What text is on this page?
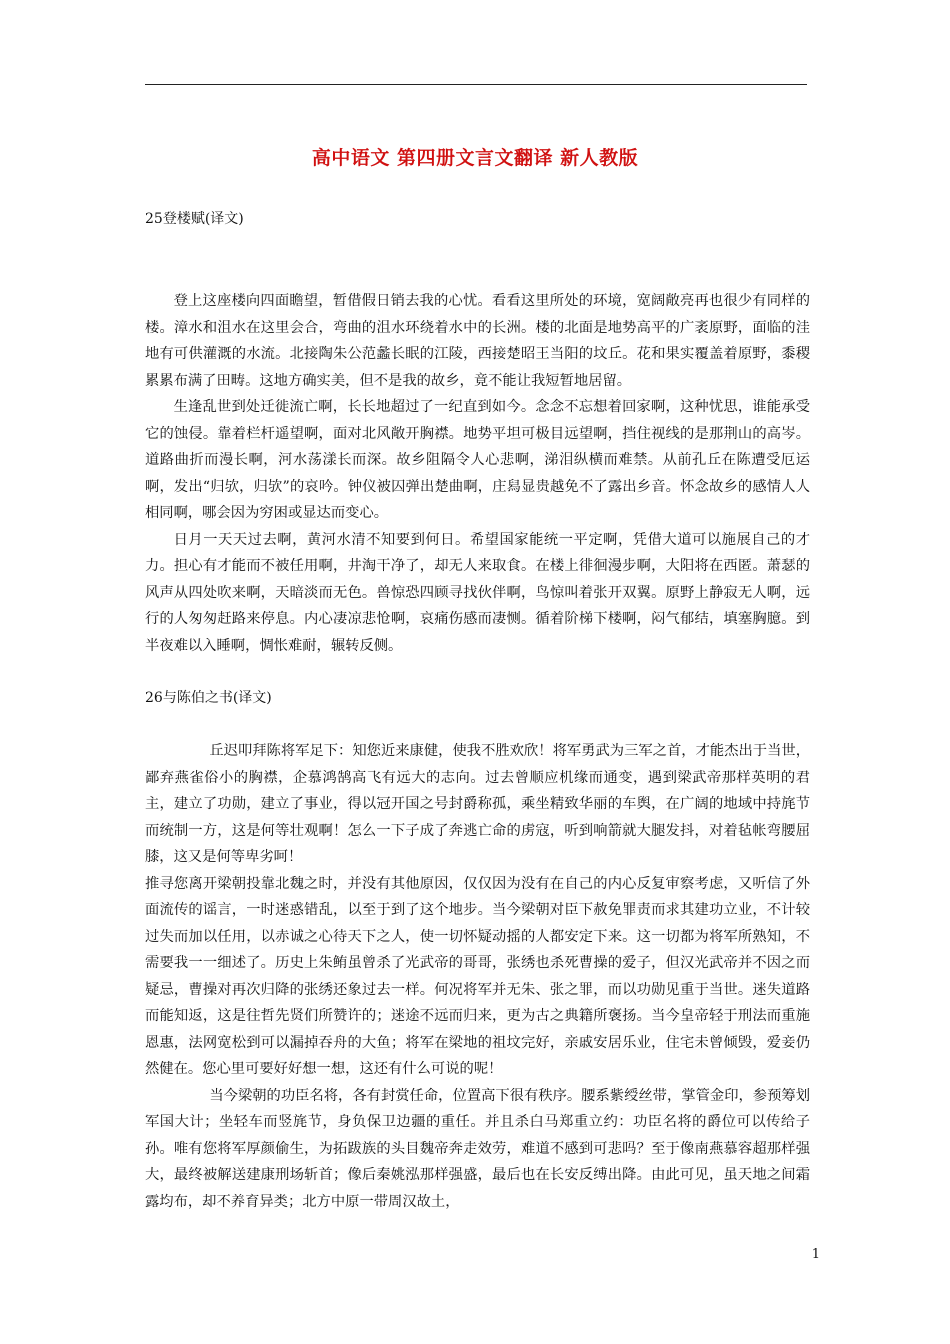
高中语文 第四册文言文翻译 新人教版
25登楼赋(译文)

登上这座楼向四面瞻望，暂借假日销去我的心忧。看看这里所处的环境，宽阔敞亮再也很少有同样的楼。漳水和沮水在这里会合，弯曲的沮水环绕着水中的长洲。楼的北面是地势高平的广袤原野，面临的洼地有可供灌溉的水流。北接陶朱公范蠡长眠的江陵，西接楚昭王当阳的坟丘。花和果实覆盖着原野，黍稷累累布满了田畴。这地方确实美，但不是我的故乡，竟不能让我短暂地居留。

生逢乱世到处迁徙流亡啊，长长地超过了一纪直到如今。念念不忘想着回家啊，这种忧思，谁能承受它的蚀侵。靠着栏杆遥望啊，面对北风敞开胸襟。地势平坦可极目远望啊，挡住视线的是那荆山的高岑。道路曲折而漫长啊，河水荡漾长而深。故乡阻隔令人心悲啊，涕泪纵横而难禁。从前孔丘在陈遭受厄运啊，发出“归欤，归欤”的哀吟。钟仪被囚弹出楚曲啊，庄舄显贵越免不了露出乡音。怀念故乡的感情人人相同啊，哪会因为穷困或显达而变心。

日月一天天过去啊，黄河水清不知要到何日。希望国家能统一平定啊，凭借大道可以施展自己的才力。担心有才能而不被任用啊，井淘干净了，却无人来取食。在楼上徘徊漫步啊，大阳将在西匿。萧瑟的风声从四处吹来啊，天暗淡而无色。兽惊恐四顾寻找伙伴啊，鸟惊叫着张开双翼。原野上静寂无人啊，远行的人匆匆赶路来停息。内心凄凉悲怆啊，哀痛伤感而凄恻。循着阶梯下楼啊，闷气郁结，填塞胸臆。到半夜难以入睡啊，惆怅难耐，辗转反侧。

26与陈伯之书(译文)

丘迟叩拜陈将军足下：知您近来康健，使我不胜欢欣！将军勇武为三军之首，才能杰出于当世，鄙弃燕雀俗小的胸襟，企慕鸿鹄高飞有远大的志向。过去曾顺应机缘而通变，遇到梁武帝那样英明的君主，建立了功勋，建立了事业，得以冠开国之号封爵称孤，乘坐精致华丽的车舆，在广阔的地域中持旄节而统制一方，这是何等壮观啊！怎么一下子成了奔逃亡命的虏寇，听到响箭就大腿发抖，对着毡帐弯腰屈膝，这又是何等卑劣呵！

推寻您离开梁朝投靠北魏之时，并没有其他原因，仅仅因为没有在自己的内心反复审察考虑，又听信了外面流传的谣言，一时迷惑错乱，以至于到了这个地步。当今梁朝对臣下赦免罪责而求其建功立业，不计较过失而加以任用，以赤诚之心待天下之人，使一切怀疑动摇的人都安定下来。这一切都为将军所熟知，不需要我一一细述了。历史上朱鲔虽曾杀了光武帝的哥哥，张绣也杀死曹操的爱子，但汉光武帝并不因之而疑忌，曹操对再次归降的张绣还象过去一样。何况将军并无朱、张之罪，而以功勋见重于当世。迷失道路而能知返，这是往哲先贤们所赞许的；迷途不远而归来，更为古之典籍所褒扬。当今皇帝轻于刑法而重施恩惠，法网宽松到可以漏掉吞舟的大鱼；将军在梁地的祖坟完好，亲戚安居乐业，住宅未曾倾毁，爱妾仍然健在。您心里可要好好想一想，这还有什么可说的呢！

当今梁朝的功臣名将，各有封赏任命，位置高下很有秩序。腰系紫绶丝带，掌管金印，参预筹划军国大计；坐轻车而竖旄节，身负保卫边疆的重任。并且杀白马郑重立约：功臣名将的爵位可以传给子孙。唯有您将军厚颜偷生，为拓跋族的头目魏帝奔走效劳，难道不感到可悲吗？至于像南燕慕容超那样强大，最终被解送建康刑场斩首；像后秦姚泓那样强盛，最后也在长安反缚出降。由此可见，虽天地之间霜露均布，却不养育异类；北方中原一带周汉故土，

1
